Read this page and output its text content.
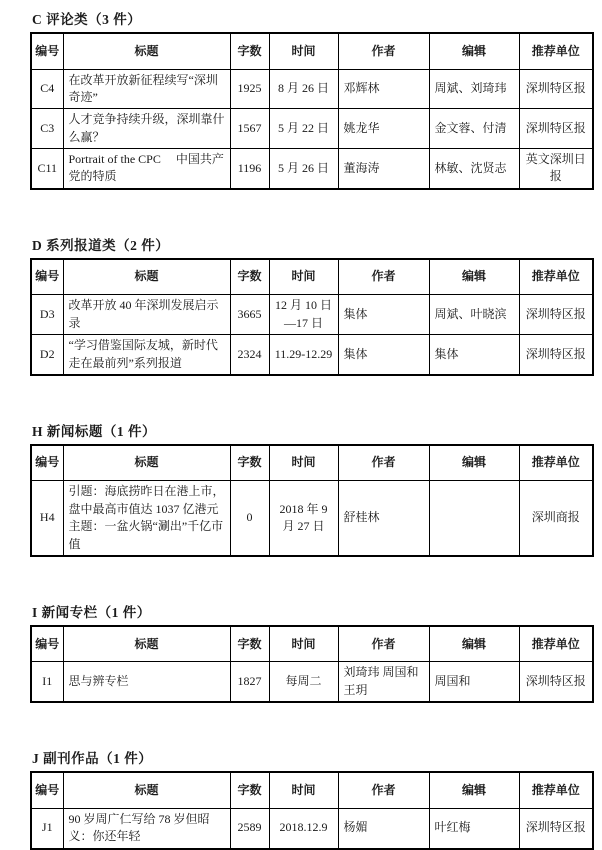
C 评论类（3 件）
编号	标题	字数	时间	作者	编辑	推荐单位
C4	在改革开放新征程续写“深圳奇迹”	1925	8 月 26 日	邓辉林	周斌、刘琦玮	深圳特区报
C3	人才竞争持续升级，深圳靠什么赢？	1567	5 月 22 日	姚龙华	金文蓉、付清	深圳特区报
C11	Portrait of the CPC　 中国共产党的特质	1196	5 月 26 日	董海涛	林敏、沈贤志	英文深圳日报
D 系列报道类（2 件）
编号	标题	字数	时间	作者	编辑	推荐单位
D3	改革开放 40 年深圳发展启示录	3665	12 月 10 日—17 日	集体	周斌、叶晓滨	深圳特区报
D2	“学习借鉴国际友城，新时代走在最前列”系列报道	2324	11.29-12.29	集体	集体	深圳特区报
H 新闻标题（1 件）
编号	标题	字数	时间	作者	编辑	推荐单位
H4	引题：海底捞昨日在港上市，盘中最高市值达 1037 亿港元 主题：一盆火锅“涮出”千亿市值	0	2018 年 9 月 27 日	舒桂林		深圳商报
I 新闻专栏（1 件）
编号	标题	字数	时间	作者	编辑	推荐单位
I1	思与辨专栏	1827	每周二	刘琦玮 周国和 王玥	周国和	深圳特区报
J 副刊作品（1 件）
编号	标题	字数	时间	作者	编辑	推荐单位
J1	90 岁周广仁写给 78 岁但昭义：你还年轻	2589	2018.12.9	杨媚	叶红梅	深圳特区报
